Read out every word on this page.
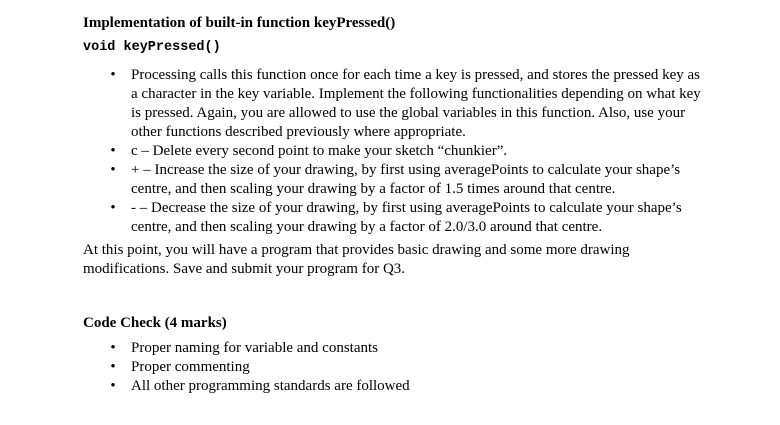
Implementation of built-in function keyPressed()
void keyPressed()
• Processing calls this function once for each time a key is pressed, and stores the pressed key as a character in the key variable. Implement the following functionalities depending on what key is pressed. Again, you are allowed to use the global variables in this function. Also, use your other functions described previously where appropriate.
• c – Delete every second point to make your sketch “chunkier”.
• + – Increase the size of your drawing, by first using averagePoints to calculate your shape’s centre, and then scaling your drawing by a factor of 1.5 times around that centre.
• - – Decrease the size of your drawing, by first using averagePoints to calculate your shape’s centre, and then scaling your drawing by a factor of 2.0/3.0 around that centre.
At this point, you will have a program that provides basic drawing and some more drawing modifications. Save and submit your program for Q3.
Code Check (4 marks)
• Proper naming for variable and constants
• Proper commenting
• All other programming standards are followed
